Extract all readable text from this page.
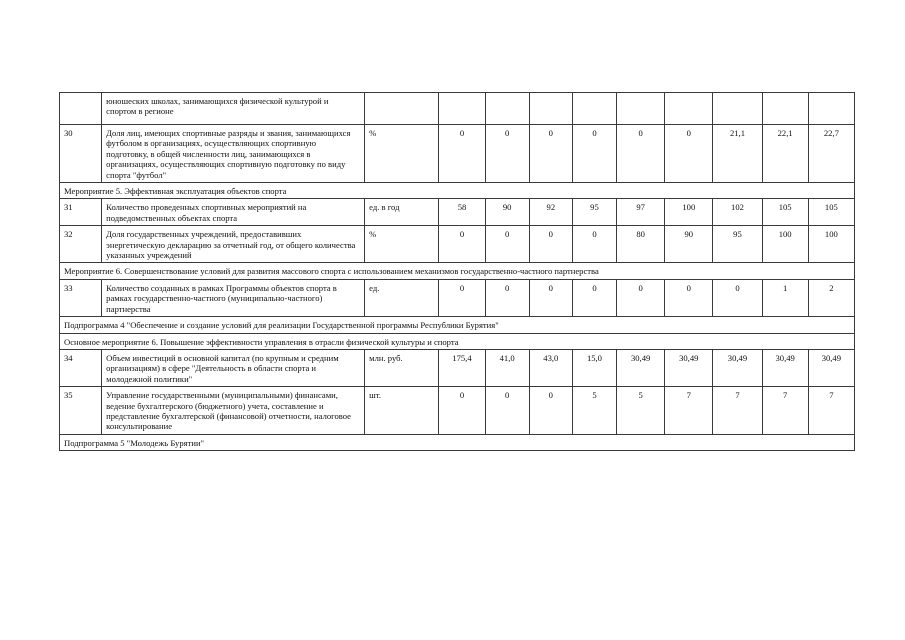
	юношеских школах, занимающихся физической культурой и спортом в регионе										
30	Доля лиц, имеющих спортивные разряды и звания, занимающихся футболом в организациях, осуществляющих спортивную подготовку, в общей численности лиц, занимающихся в организациях, осуществляющих спортивную подготовку по виду спорта "футбол"	%	0	0	0	0	0	0	21,1	22,1	22,7
Мероприятие 5. Эффективная эксплуатация объектов спорта											
31	Количество проведенных спортивных мероприятий на подведомственных объектах спорта	ед. в год	58	90	92	95	97	100	102	105	105
32	Доля государственных учреждений, предоставивших энергетическую декларацию за отчетный год, от общего количества указанных учреждений	%	0	0	0	0	80	90	95	100	100
Мероприятие 6. Совершенствование условий для развития массового спорта с использованием механизмов государственно-частного партнерства											
33	Количество созданных в рамках Программы объектов спорта в рамках государственно-частного (муниципально-частного) партнерства	ед.	0	0	0	0	0	0	0	1	2
Подпрограмма 4 "Обеспечение и создание условий для реализации Государственной программы Республики Бурятия"											
Основное мероприятие 6. Повышение эффективности управления в отрасли физической культуры и спорта											
34	Объем инвестиций в основной капитал (по крупным и средним организациям) в сфере "Деятельность в области спорта и молодежной политики"	млн. руб.	175,4	41,0	43,0	15,0	30,49	30,49	30,49	30,49	30,49
35	Управление государственными (муниципальными) финансами, ведение бухгалтерского (бюджетного) учета, составление и представление бухгалтерской (финансовой) отчетности, налоговое консультирование	шт.	0	0	0	5	5	7	7	7	7
Подпрограмма 5 "Молодежь Бурятии"											
